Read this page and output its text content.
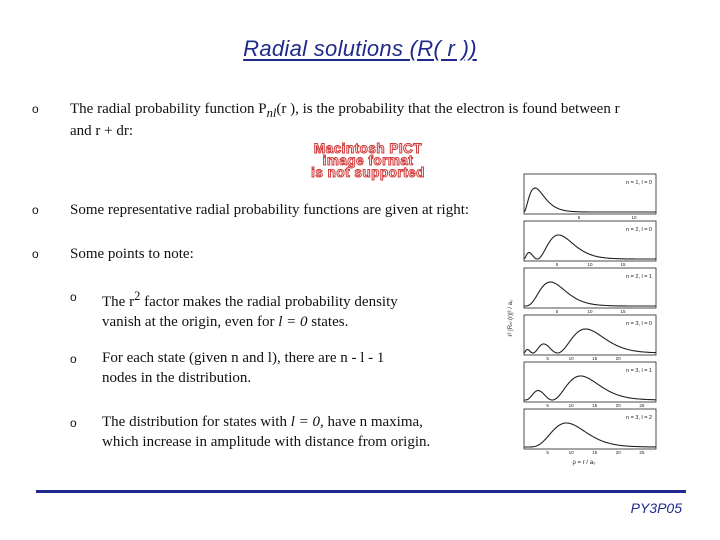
Radial solutions (R( r ))
o The radial probability function $P_{nl}(r$ ), is the probability that the electron is found between r
and r + dr:
Macintosh PICT
image format
is not supported
o Some representative radial probability functions are given at right:
o Some points to note:
o The $r^2$ factor makes the radial probability density
vanish at the origin, even for l = 0 states.
o For each state (given n and l), there are n - l - 1
nodes in the distribution.
o The distribution for states with l = 0, have n maxima,
which increase in amplitude with distance from origin.
r² |Rₙₗ (r)|² / a₀
n = 1, l = 0
5	10
n = 2, l = 0
5	10	15
n = 2, l = 1
5	10	15
n = 3, l = 0
5	10	15	20
n = 3, l = 1
5	10	15	20	25
n = 3, l = 2
5	10	15	20	25
ρ = r / a₀
PY3P05
